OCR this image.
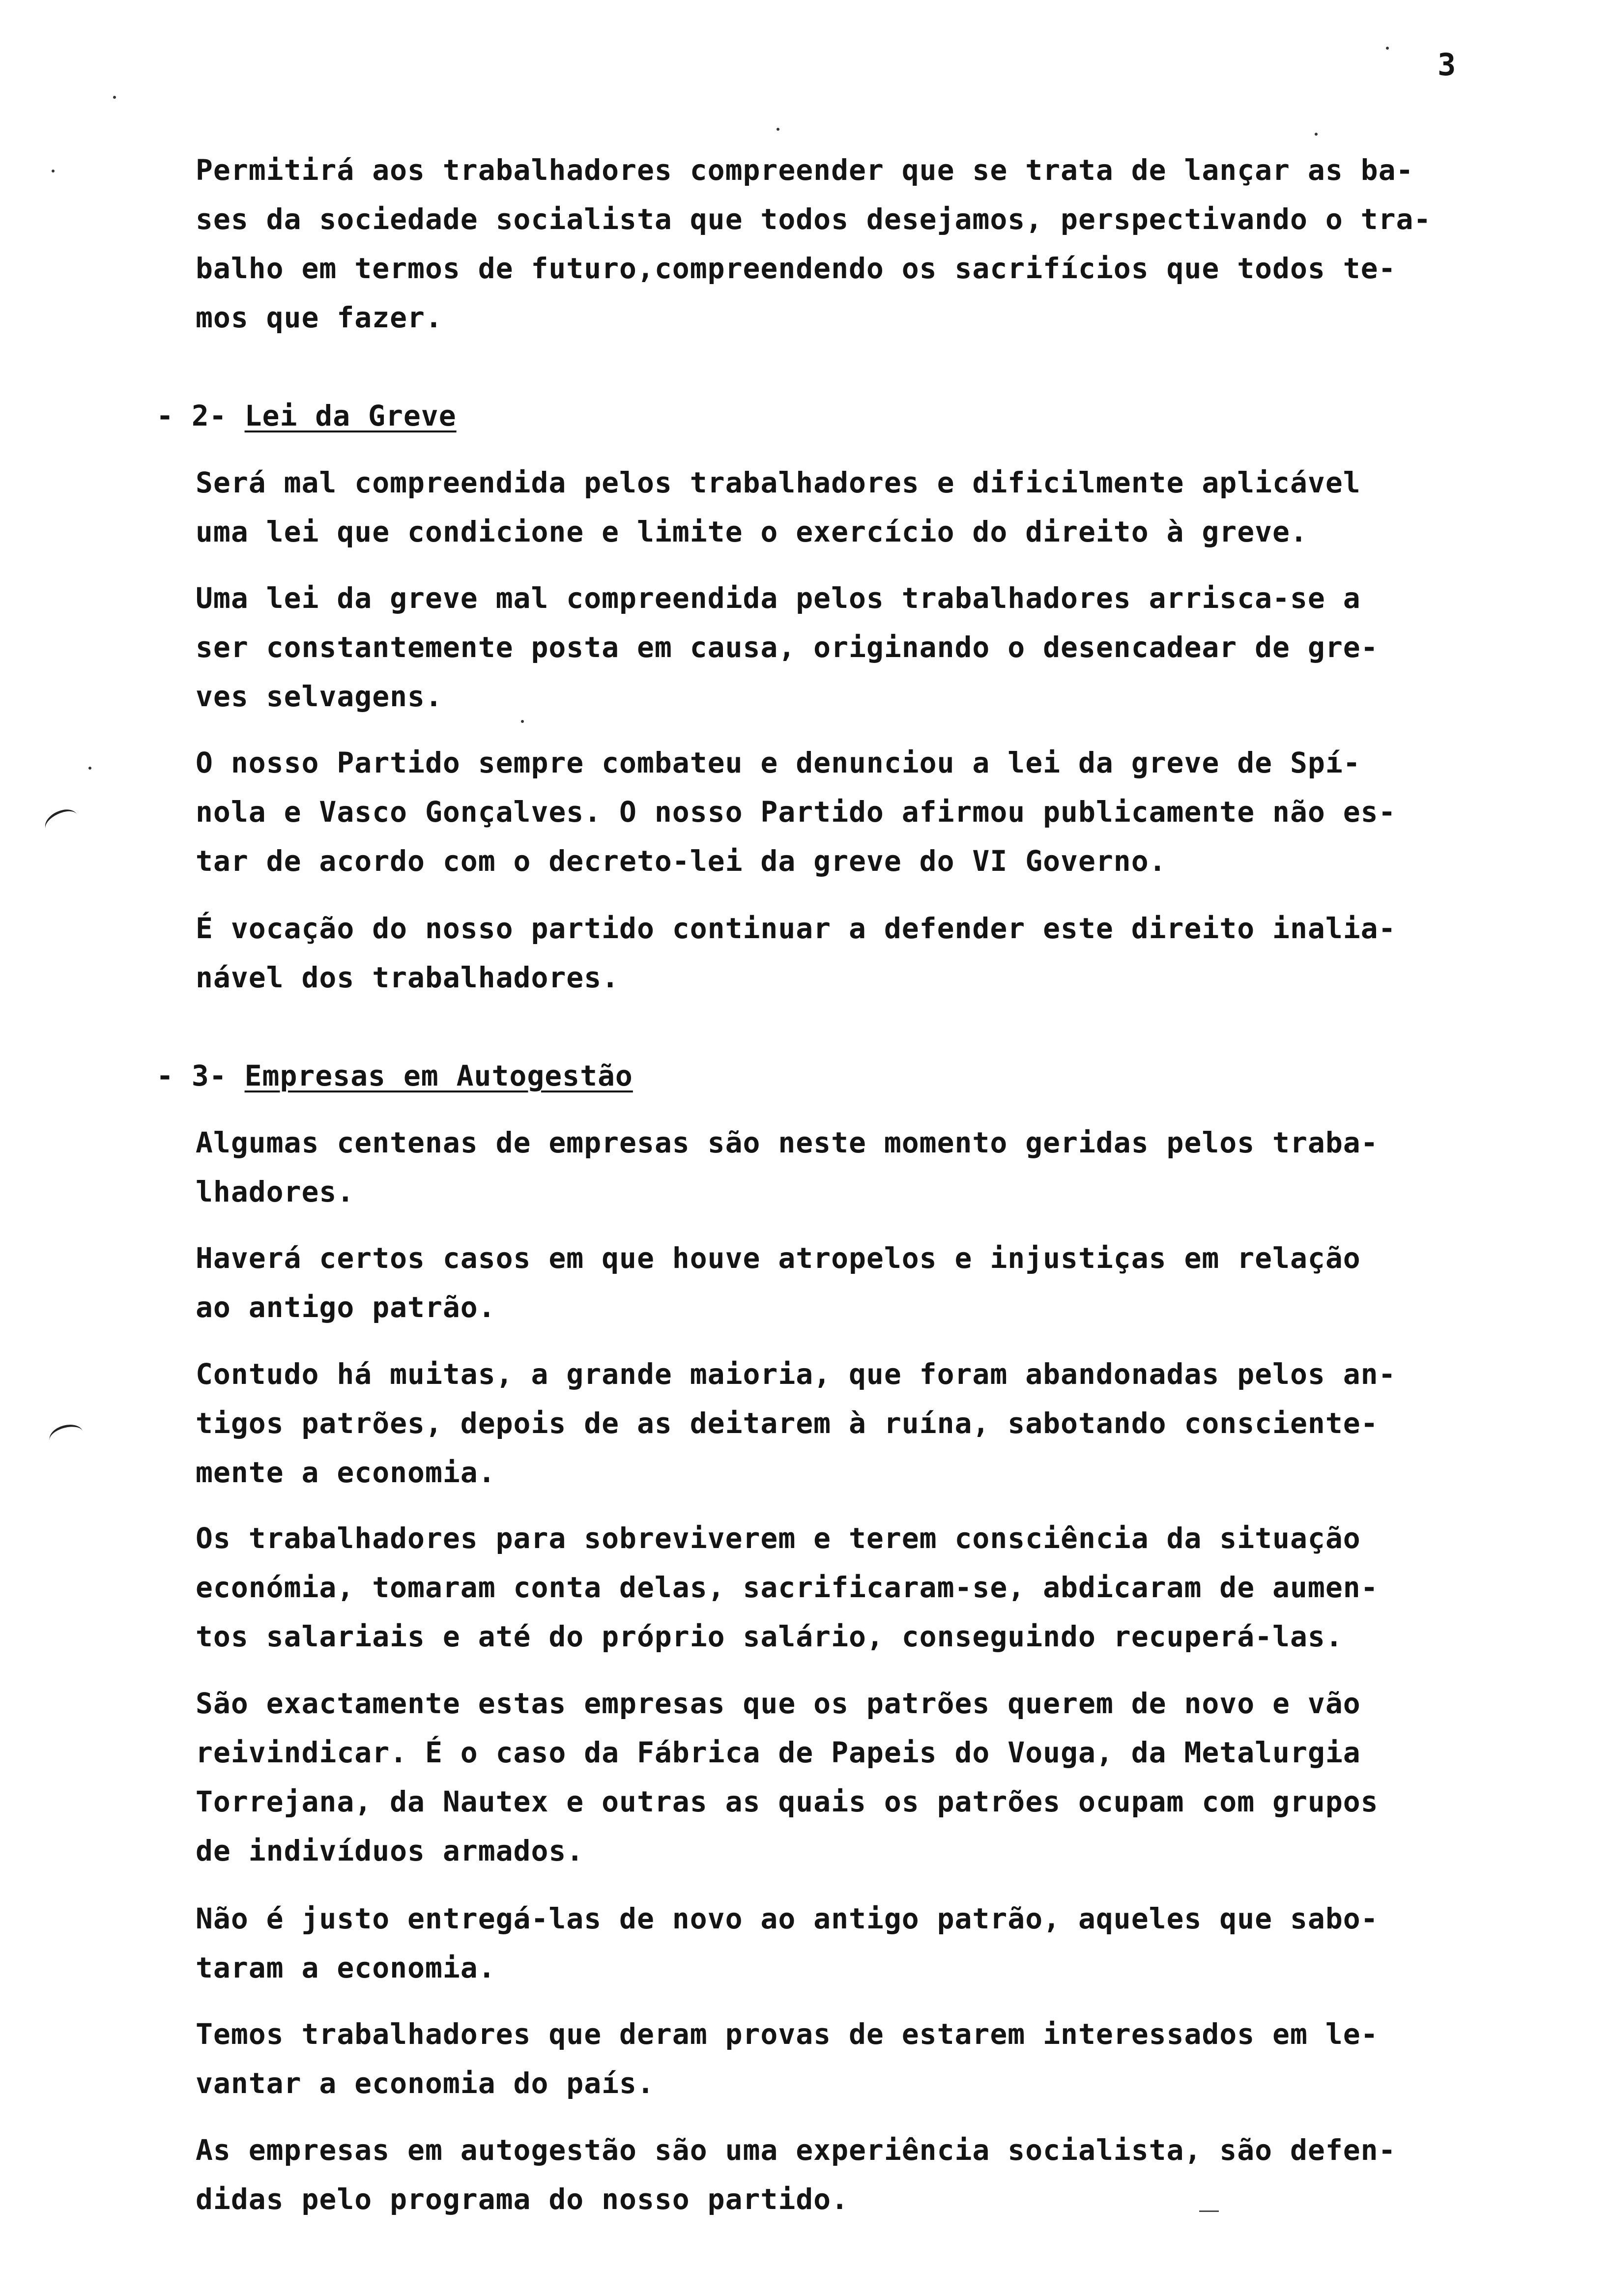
3
Permitirá aos trabalhadores compreender que se trata de lançar as ba-
ses da sociedade socialista que todos desejamos, perspectivando o tra-
balho em termos de futuro,compreendendo os sacrifícios que todos te-
mos que fazer.
- 2- Lei da Greve
Será mal compreendida pelos trabalhadores e dificilmente aplicável
uma lei que condicione e limite o exercício do direito à greve.
Uma lei da greve mal compreendida pelos trabalhadores arrisca-se a
ser constantemente posta em causa, originando o desencadear de gre-
ves selvagens.
O nosso Partido sempre combateu e denunciou a lei da greve de Spí-
nola e Vasco Gonçalves. O nosso Partido afirmou publicamente não es-
tar de acordo com o decreto-lei da greve do VI Governo.
É vocação do nosso partido continuar a defender este direito inalia-
nável dos trabalhadores.
- 3- Empresas em Autogestão
Algumas centenas de empresas são neste momento geridas pelos traba-
lhadores.
Haverá certos casos em que houve atropelos e injustiças em relação
ao antigo patrão.
Contudo há muitas, a grande maioria, que foram abandonadas pelos an-
tigos patrões, depois de as deitarem à ruína, sabotando conscientе-
mente a economia.
Os trabalhadores para sobreviverem e terem consciência da situação
económia, tomaram conta delas, sacrificaram-se, abdicaram de aumen-
tos salariais e até do próprio salário, conseguindo recuperá-las.
São exactamente estas empresas que os patrões querem de novo e vão
reivindicar. É o caso da Fábrica de Papeis do Vouga, da Metalurgia
Torrejana, da Nautex e outras as quais os patrões ocupam com grupos
de indivíduos armados.
Não é justo entregá-las de novo ao antigo patrão, aqueles que sabo-
taram a economia.
Temos trabalhadores que deram provas de estarem interessados em le-
vantar a economia do país.
As empresas em autogestão são uma experiência socialista, são defen-
didas pelo programa do nosso partido.
